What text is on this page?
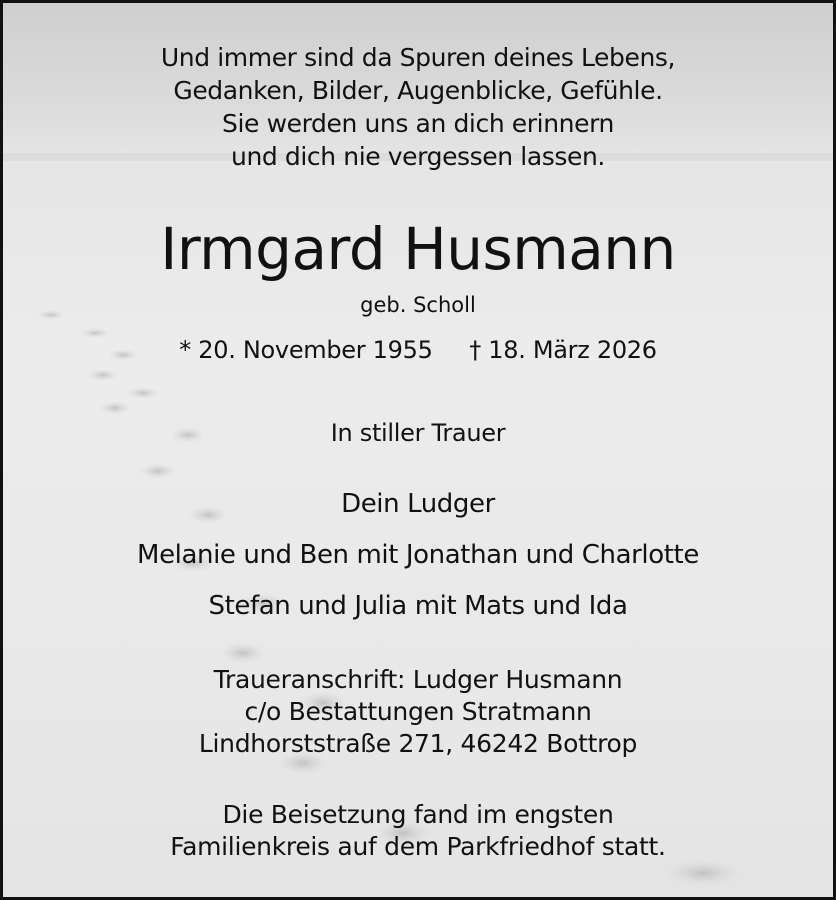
Und immer sind da Spuren deines Lebens,
Gedanken, Bilder, Augenblicke, Gefühle.
Sie werden uns an dich erinnern
und dich nie vergessen lassen.
Irmgard Husmann
geb. Scholl
* 20. November 1955 † 18. März 2026
In stiller Trauer
Dein Ludger
Melanie und Ben mit Jonathan und Charlotte
Stefan und Julia mit Mats und Ida
Traueranschrift: Ludger Husmann
c/o Bestattungen Stratmann
Lindhorststraße 271, 46242 Bottrop
Die Beisetzung fand im engsten
Familienkreis auf dem Parkfriedhof statt.
